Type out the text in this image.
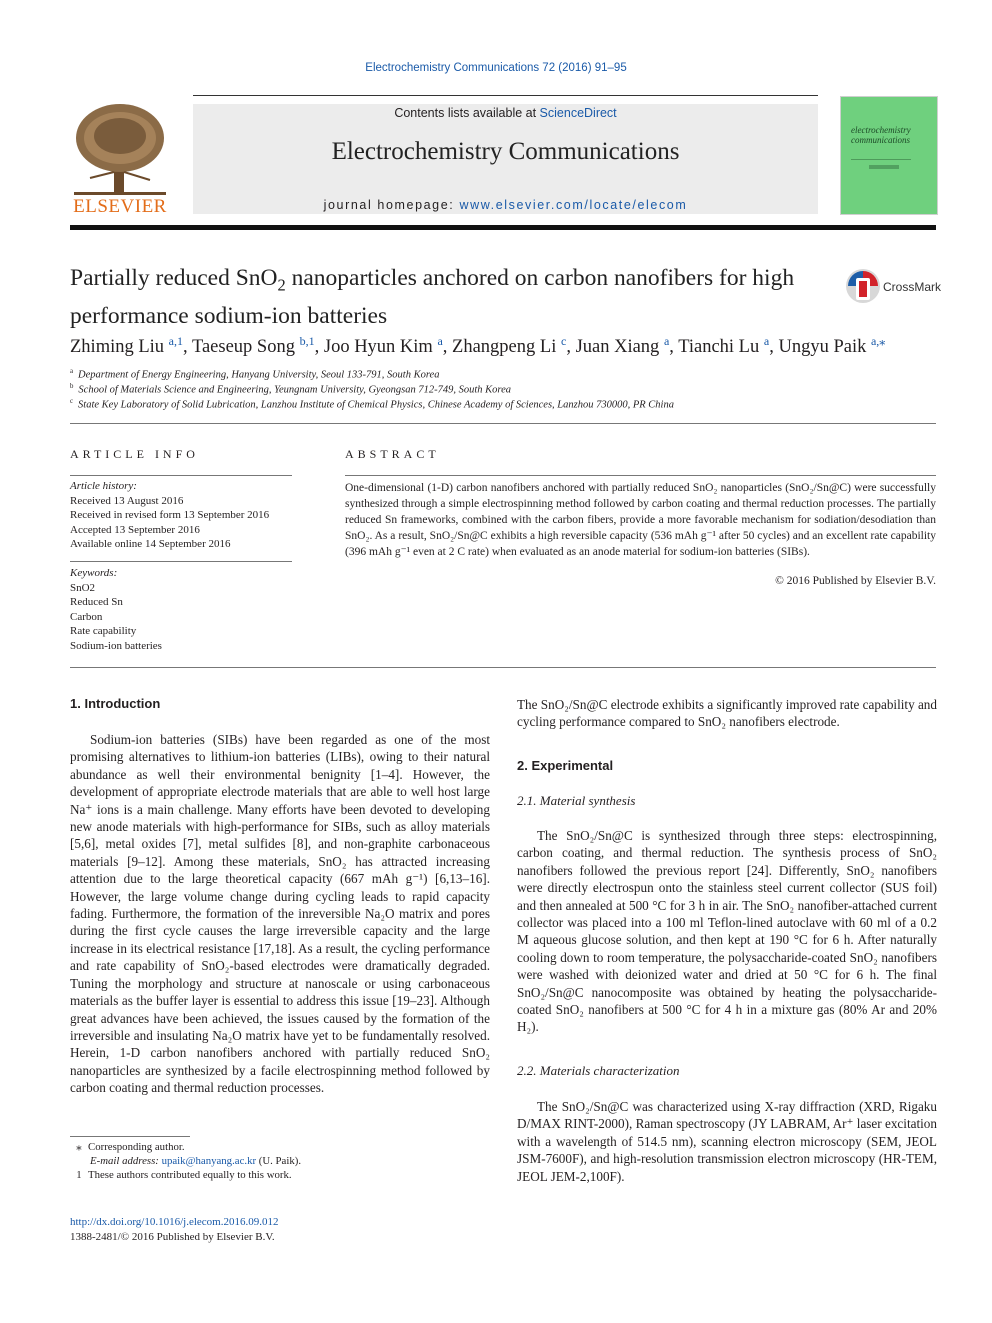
Electrochemistry Communications 72 (2016) 91–95
ELSEVIER
Contents lists available at ScienceDirect
Electrochemistry Communications
journal homepage: www.elsevier.com/locate/elecom
electrochemistry communications
Partially reduced SnO$_2$ nanoparticles anchored on carbon nanofibers for high performance sodium-ion batteries
CrossMark
Zhiming Liu $^{a,1}$, Taeseup Song $^{b,1}$, Joo Hyun Kim $^a$, Zhangpeng Li $^c$, Juan Xiang $^a$, Tianchi Lu $^a$, Ungyu Paik $^{a,⁎}$
$^a$ Department of Energy Engineering, Hanyang University, Seoul 133-791, South Korea
$^b$ School of Materials Science and Engineering, Yeungnam University, Gyeongsan 712-749, South Korea
$^c$ State Key Laboratory of Solid Lubrication, Lanzhou Institute of Chemical Physics, Chinese Academy of Sciences, Lanzhou 730000, PR China
ARTICLE INFO
Article history:
Received 13 August 2016
Received in revised form 13 September 2016
Accepted 13 September 2016
Available online 14 September 2016
Keywords:
SnO2
Reduced Sn
Carbon
Rate capability
Sodium-ion batteries
ABSTRACT
One-dimensional (1-D) carbon nanofibers anchored with partially reduced SnO₂ nanoparticles (SnO₂/Sn@C) were successfully synthesized through a simple electrospinning method followed by carbon coating and thermal reduction processes. The partially reduced Sn frameworks, combined with the carbon fibers, provide a more favorable mechanism for sodiation/desodiation than SnO₂. As a result, SnO₂/Sn@C exhibits a high reversible capacity (536 mAh g⁻¹ after 50 cycles) and an excellent rate capability (396 mAh g⁻¹ even at 2 C rate) when evaluated as an anode material for sodium-ion batteries (SIBs).
© 2016 Published by Elsevier B.V.
1. Introduction

Sodium-ion batteries (SIBs) have been regarded as one of the most promising alternatives to lithium-ion batteries (LIBs), owing to their natural abundance as well their environmental benignity [1–4]. However, the development of appropriate electrode materials that are able to well host large Na⁺ ions is a main challenge. Many efforts have been devoted to developing new anode materials with high-performance for SIBs, such as alloy materials [5,6], metal oxides [7], metal sulfides [8], and non-graphite carbonaceous materials [9–12]. Among these materials, SnO₂ has attracted increasing attention due to the large theoretical capacity (667 mAh g⁻¹) [6,13–16]. However, the large volume change during cycling leads to rapid capacity fading. Furthermore, the formation of the inreversible Na₂O matrix and pores during the first cycle causes the large irreversible capacity and the large increase in its electrical resistance [17,18]. As a result, the cycling performance and rate capability of SnO₂-based electrodes were dramatically degraded. Tuning the morphology and structure at nanoscale or using carbonaceous materials as the buffer layer is essential to address this issue [19–23]. Although great advances have been achieved, the issues caused by the formation of the irreversible and insulating Na₂O matrix have yet to be fundamentally resolved. Herein, 1-D carbon nanofibers anchored with partially reduced SnO₂ nanoparticles are synthesized by a facile electrospinning method followed by carbon coating and thermal reduction processes.

⁎ Corresponding author.
E-mail address: upaik@hanyang.ac.kr (U. Paik).
1 These authors contributed equally to this work.
http://dx.doi.org/10.1016/j.elecom.2016.09.012
1388-2481/© 2016 Published by Elsevier B.V.

The SnO₂/Sn@C electrode exhibits a significantly improved rate capability and cycling performance compared to SnO₂ nanofibers electrode.

2. Experimental
2.1. Material synthesis

The SnO₂/Sn@C is synthesized through three steps: electrospinning, carbon coating, and thermal reduction. The synthesis process of SnO₂ nanofibers followed the previous report [24]. Differently, SnO₂ nanofibers were directly electrospun onto the stainless steel current collector (SUS foil) and then annealed at 500 °C for 3 h in air. The SnO₂ nanofiber-attached current collector was placed into a 100 ml Teflon-lined autoclave with 60 ml of a 0.2 M aqueous glucose solution, and then kept at 190 °C for 6 h. After naturally cooling down to room temperature, the polysaccharide-coated SnO₂ nanofibers were washed with deionized water and dried at 50 °C for 6 h. The final SnO₂/Sn@C nanocomposite was obtained by heating the polysaccharide-coated SnO₂ nanofibers at 500 °C for 4 h in a mixture gas (80% Ar and 20% H₂).

2.2. Materials characterization

The SnO₂/Sn@C was characterized using X-ray diffraction (XRD, Rigaku D/MAX RINT-2000), Raman spectroscopy (JY LABRAM, Ar⁺ laser excitation with a wavelength of 514.5 nm), scanning electron microscopy (SEM, JEOL JSM-7600F), and high-resolution transmission electron microscopy (HR-TEM, JEOL JEM-2,100F).
